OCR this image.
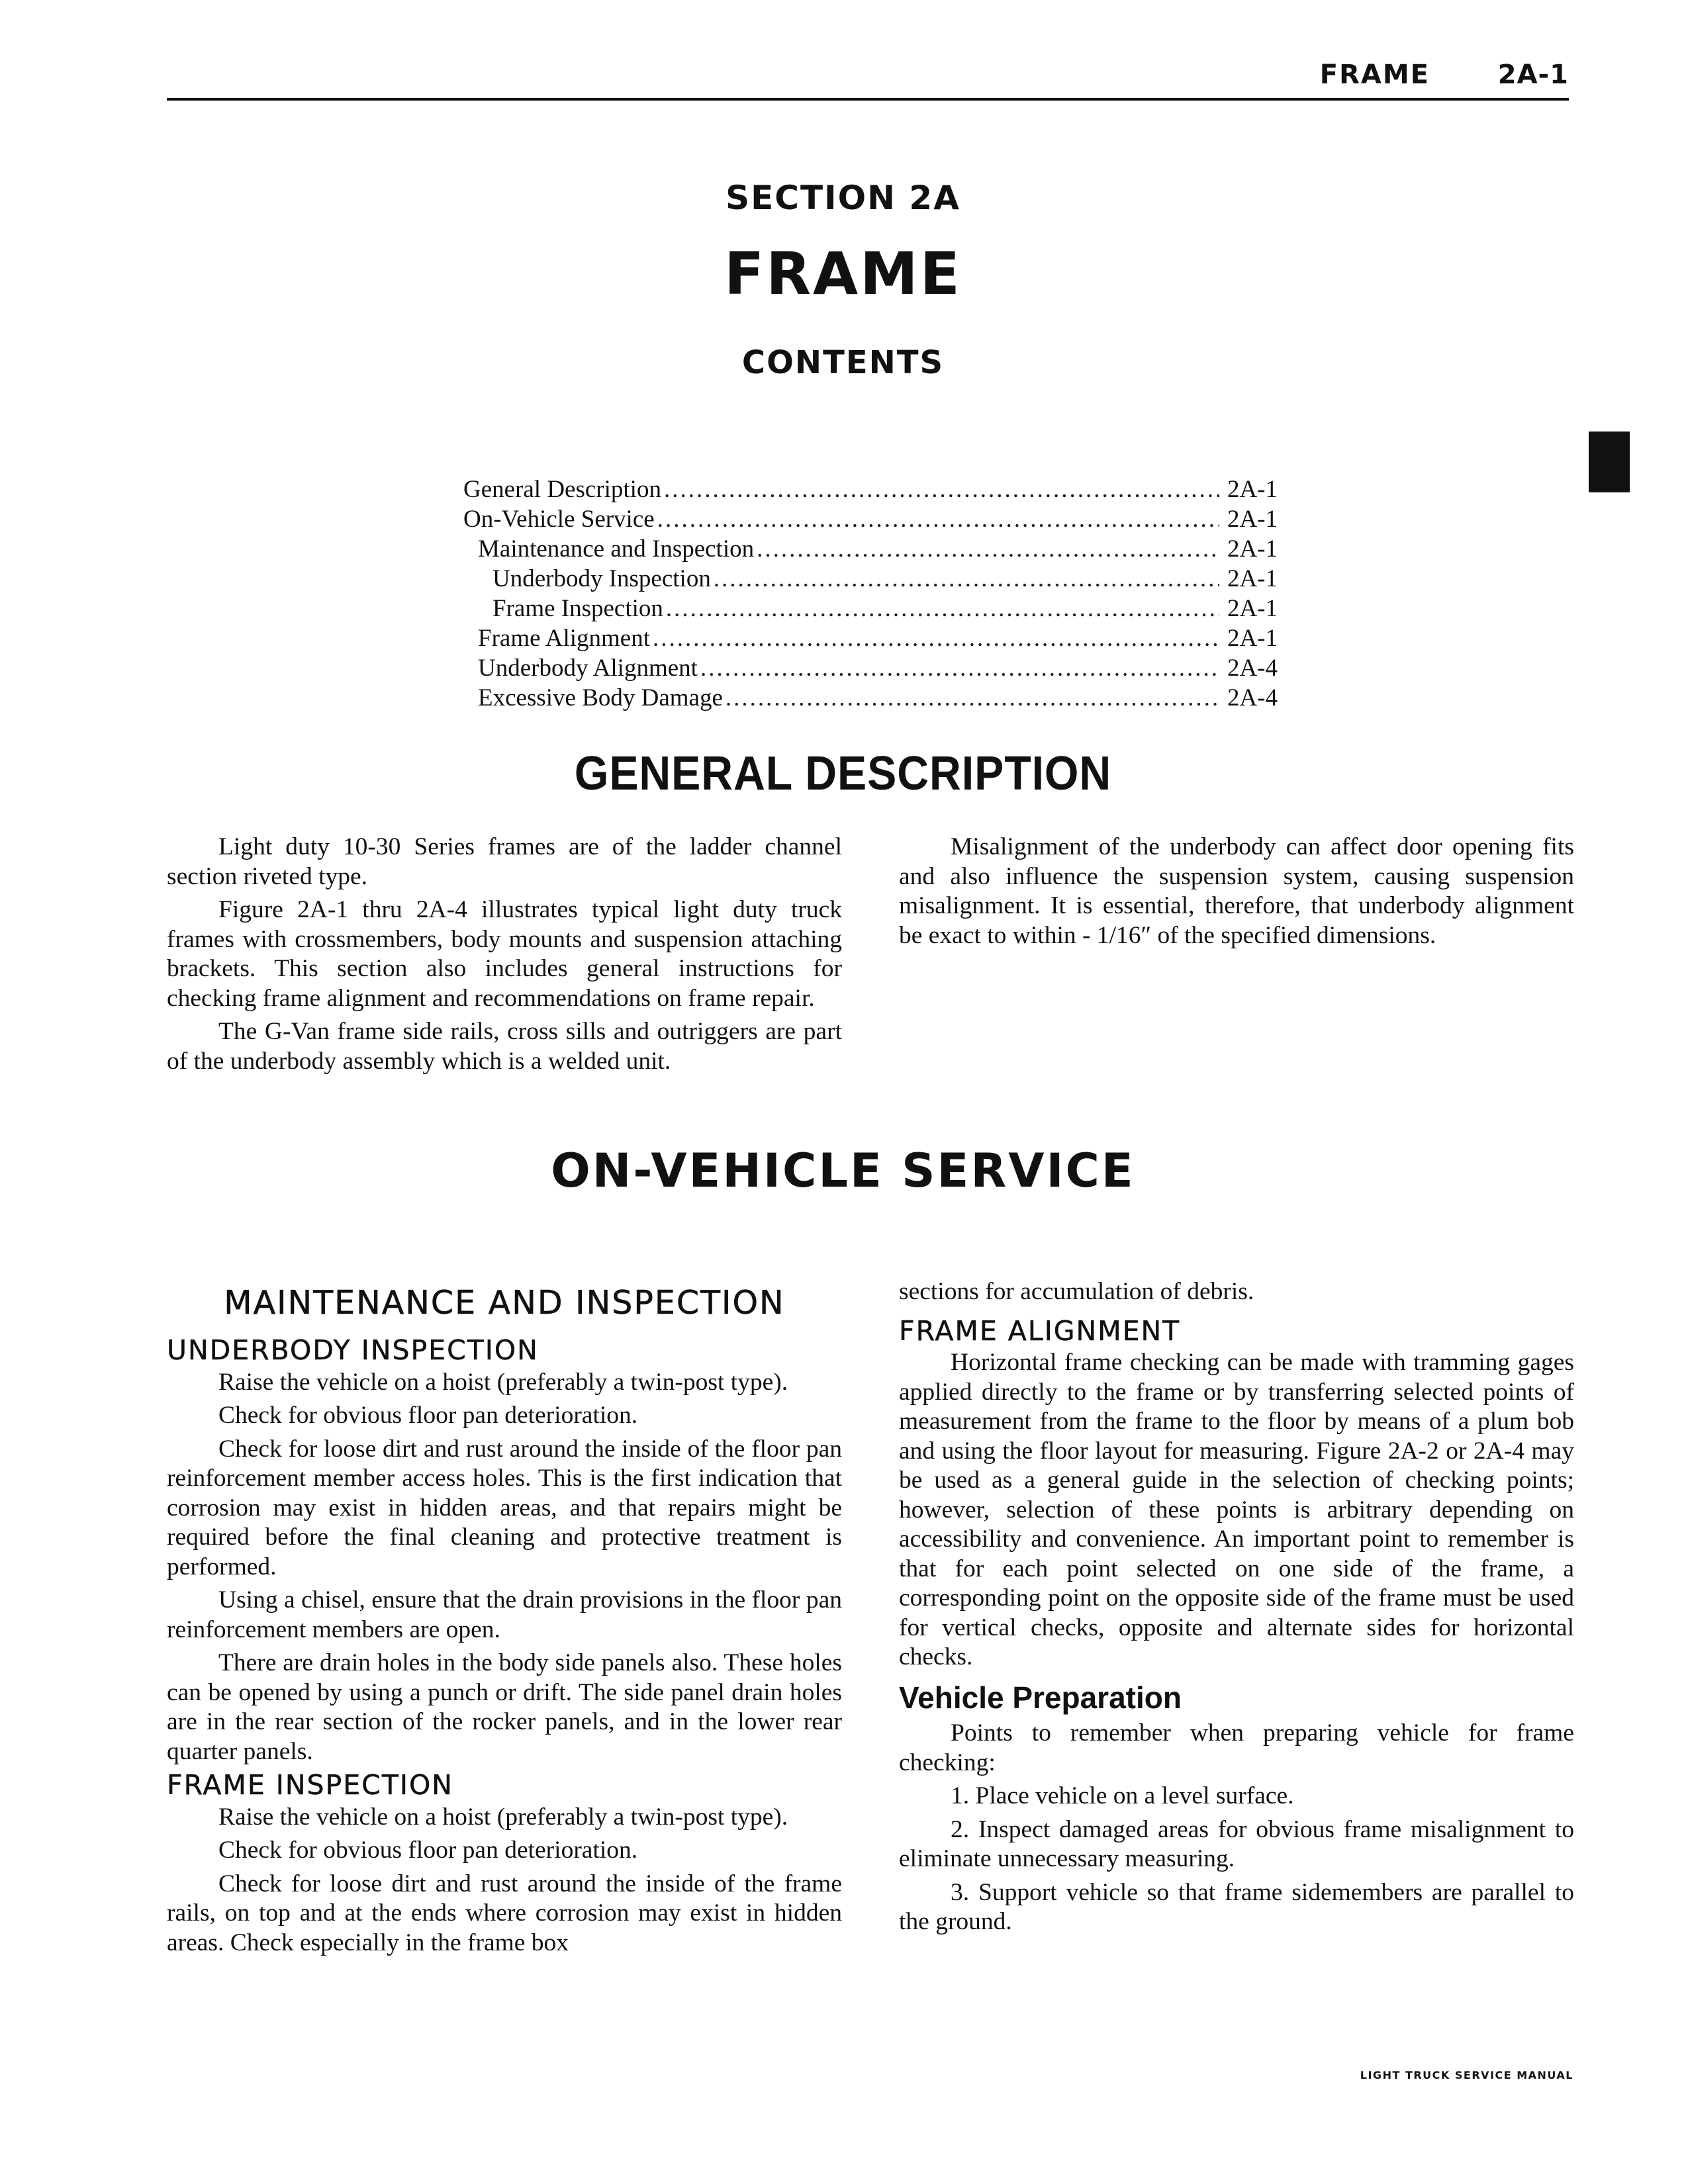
FRAME	2A-1
SECTION 2A
FRAME
CONTENTS
General Description .....	2A-1
On-Vehicle Service .....	2A-1
Maintenance and Inspection .....	2A-1
Underbody Inspection .....	2A-1
Frame Inspection .....	2A-1
Frame Alignment .....	2A-1
Underbody Alignment .....	2A-4
Excessive Body Damage .....	2A-4
GENERAL DESCRIPTION

Light duty 10-30 Series frames are of the ladder channel section riveted type.

Figure 2A-1 thru 2A-4 illustrates typical light duty truck frames with crossmembers, body mounts and suspension attaching brackets. This section also includes general instructions for checking frame alignment and recommendations on frame repair.

The G-Van frame side rails, cross sills and outriggers are part of the underbody assembly which is a welded unit.

Misalignment of the underbody can affect door opening fits and also influence the suspension system, causing suspension misalignment. It is essential, therefore, that underbody alignment be exact to within - 1/16″ of the specified dimensions.

ON-VEHICLE SERVICE
MAINTENANCE AND INSPECTION
UNDERBODY INSPECTION

Raise the vehicle on a hoist (preferably a twin-post type).

Check for obvious floor pan deterioration.

Check for loose dirt and rust around the inside of the floor pan reinforcement member access holes. This is the first indication that corrosion may exist in hidden areas, and that repairs might be required before the final cleaning and protective treatment is performed.

Using a chisel, ensure that the drain provisions in the floor pan reinforcement members are open.

There are drain holes in the body side panels also. These holes can be opened by using a punch or drift. The side panel drain holes are in the rear section of the rocker panels, and in the lower rear quarter panels.

FRAME INSPECTION

Raise the vehicle on a hoist (preferably a twin-post type).

Check for obvious floor pan deterioration.

Check for loose dirt and rust around the inside of the frame rails, on top and at the ends where corrosion may exist in hidden areas. Check especially in the frame box

sections for accumulation of debris.

FRAME ALIGNMENT

Horizontal frame checking can be made with tramming gages applied directly to the frame or by transferring selected points of measurement from the frame to the floor by means of a plum bob and using the floor layout for measuring. Figure 2A-2 or 2A-4 may be used as a general guide in the selection of checking points; however, selection of these points is arbitrary depending on accessibility and convenience. An important point to remember is that for each point selected on one side of the frame, a corresponding point on the opposite side of the frame must be used for vertical checks, opposite and alternate sides for horizontal checks.

Vehicle Preparation

Points to remember when preparing vehicle for frame checking:

1. Place vehicle on a level surface.

2. Inspect damaged areas for obvious frame misalignment to eliminate unnecessary measuring.

3. Support vehicle so that frame sidemembers are parallel to the ground.

LIGHT TRUCK SERVICE MANUAL
